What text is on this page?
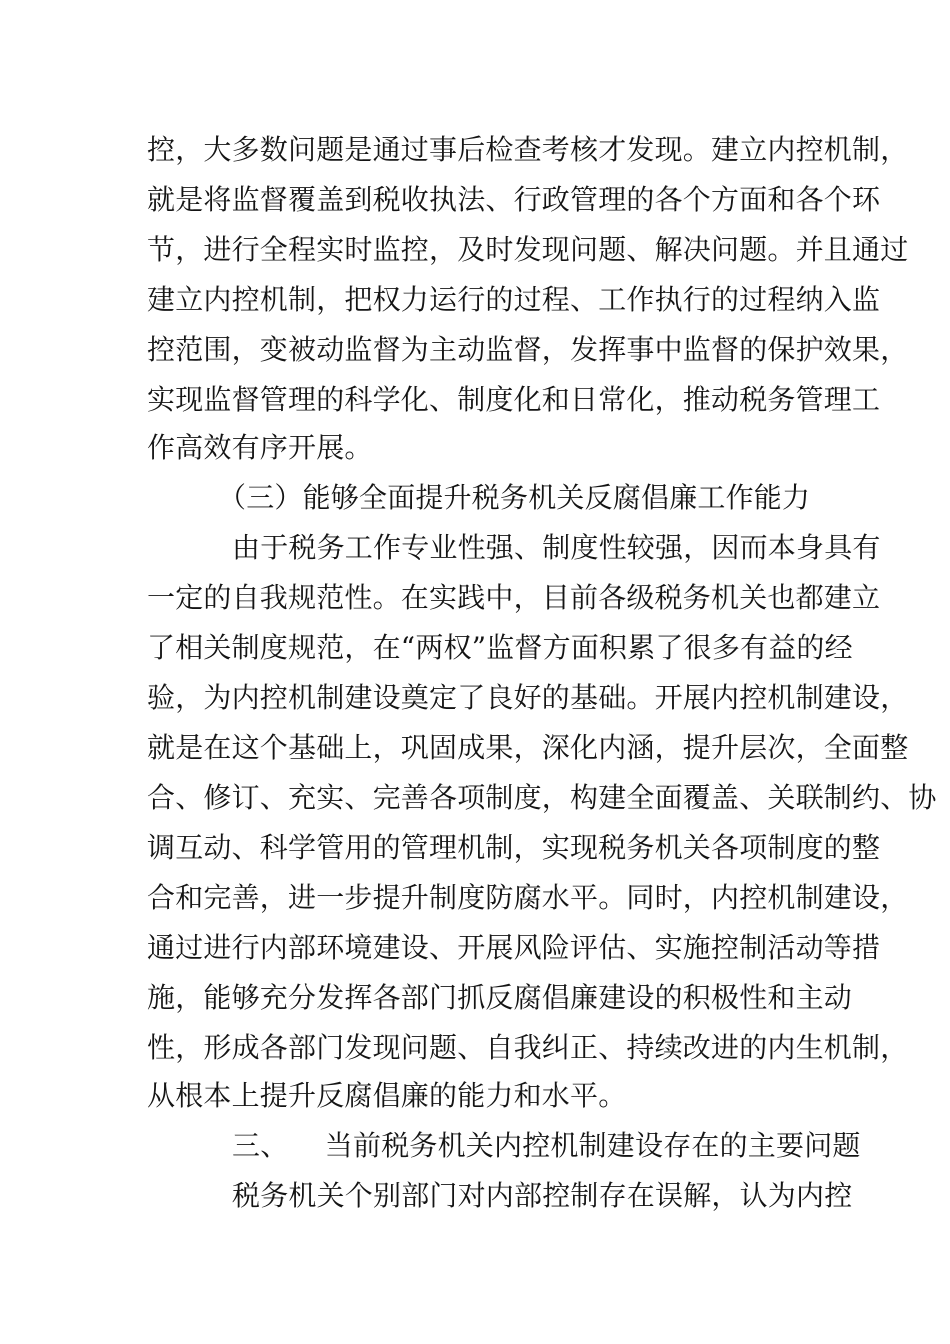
控，大多数问题是通过事后检查考核才发现。建立内控机制，
就是将监督覆盖到税收执法、行政管理的各个方面和各个环
节，进行全程实时监控，及时发现问题、解决问题。并且通过
建立内控机制，把权力运行的过程、工作执行的过程纳入监
控范围，变被动监督为主动监督，发挥事中监督的保护效果，
实现监督管理的科学化、制度化和日常化，推动税务管理工
作高效有序开展。
（三）能够全面提升税务机关反腐倡廉工作能力
由于税务工作专业性强、制度性较强，因而本身具有
一定的自我规范性。在实践中，目前各级税务机关也都建立
了相关制度规范，在“两权”监督方面积累了很多有益的经
验，为内控机制建设奠定了良好的基础。开展内控机制建设，
就是在这个基础上，巩固成果，深化内涵，提升层次，全面整
合、修订、充实、完善各项制度，构建全面覆盖、关联制约、协
调互动、科学管用的管理机制，实现税务机关各项制度的整
合和完善，进一步提升制度防腐水平。同时，内控机制建设，
通过进行内部环境建设、开展风险评估、实施控制活动等措
施，能够充分发挥各部门抓反腐倡廉建设的积极性和主动
性，形成各部门发现问题、自我纠正、持续改进的内生机制，
从根本上提升反腐倡廉的能力和水平。
三、    当前税务机关内控机制建设存在的主要问题
税务机关个别部门对内部控制存在误解，认为内控
